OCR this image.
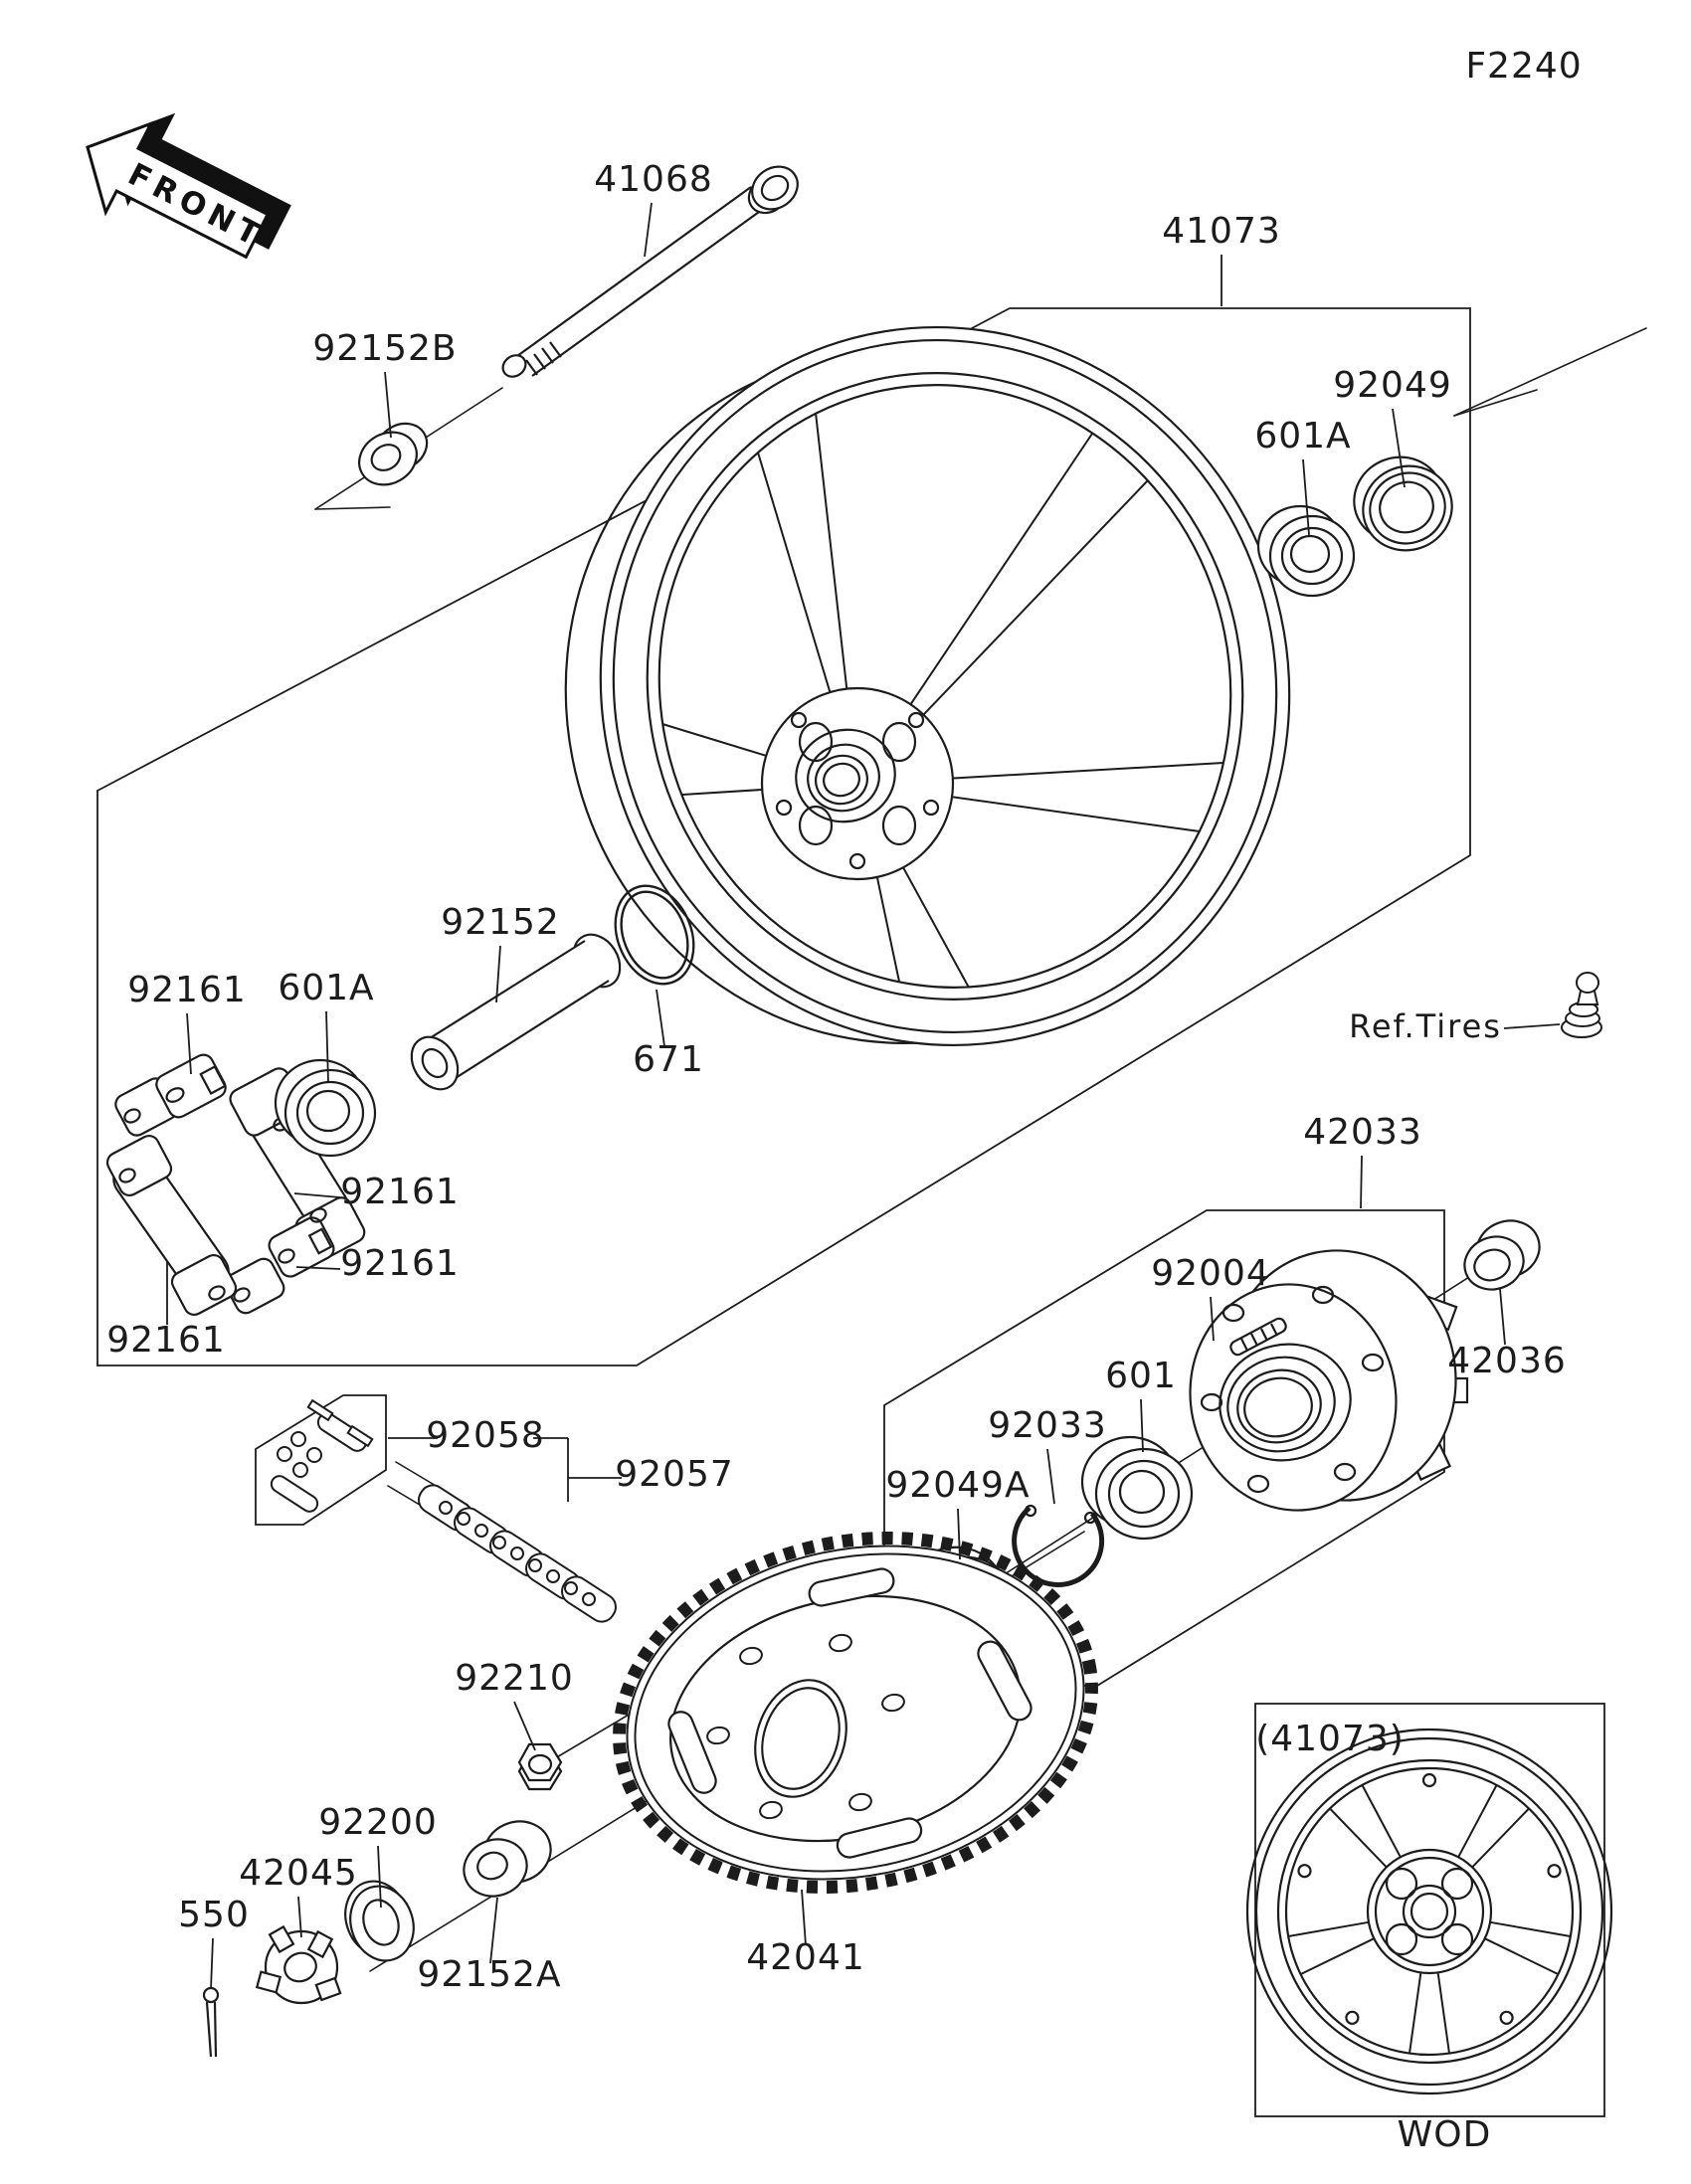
FRONT
F2240
41068
92152B
41073
92049
601A
92152
671
92161 601A
92161
92161
92161
Ref.Tires
42033
92004
601	42036
92033
92049A
92058
92057
92210
92200
42045
550
92152A	42041
(41073)
WOD
